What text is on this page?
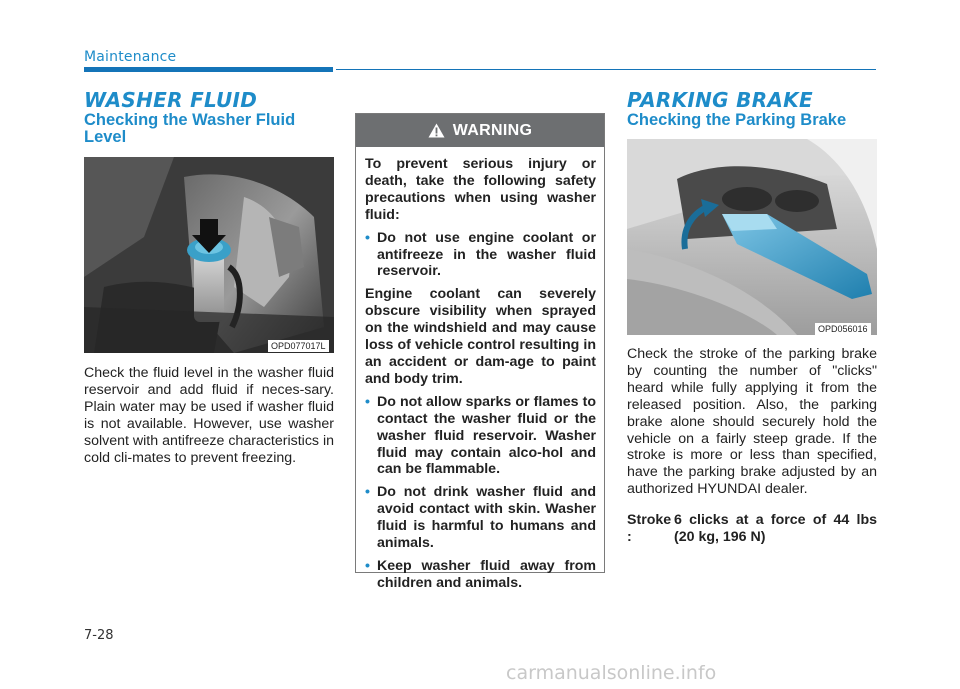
Maintenance
WASHER FLUID
Checking the Washer Fluid Level
OPD077017L
Check the fluid level in the washer fluid reservoir and add fluid if neces-sary. Plain water may be used if washer fluid is not available. However, use washer solvent with antifreeze characteristics in cold cli-mates to prevent freezing.
WARNING

To prevent serious injury or death, take the following safety precautions when using washer fluid:

• Do not use engine coolant or antifreeze in the washer fluid reservoir.

Engine coolant can severely obscure visibility when sprayed on the windshield and may cause loss of vehicle control resulting in an accident or dam-age to paint and body trim.

• Do not allow sparks or flames to contact the washer fluid or the washer fluid reservoir. Washer fluid may contain alco-hol and can be flammable.
• Do not drink washer fluid and avoid contact with skin. Washer fluid is harmful to humans and animals.
• Keep washer fluid away from children and animals.
PARKING BRAKE
Checking the Parking Brake
OPD056016
Check the stroke of the parking brake by counting the number of "clicks" heard while fully applying it from the released position. Also, the parking brake alone should securely hold the vehicle on a fairly steep grade. If the stroke is more or less than specified, have the parking brake adjusted by an authorized HYUNDAI dealer.
Stroke :
6 clicks at a force of 44 lbs (20 kg, 196 N)
7-28
carmanualsonline.info
